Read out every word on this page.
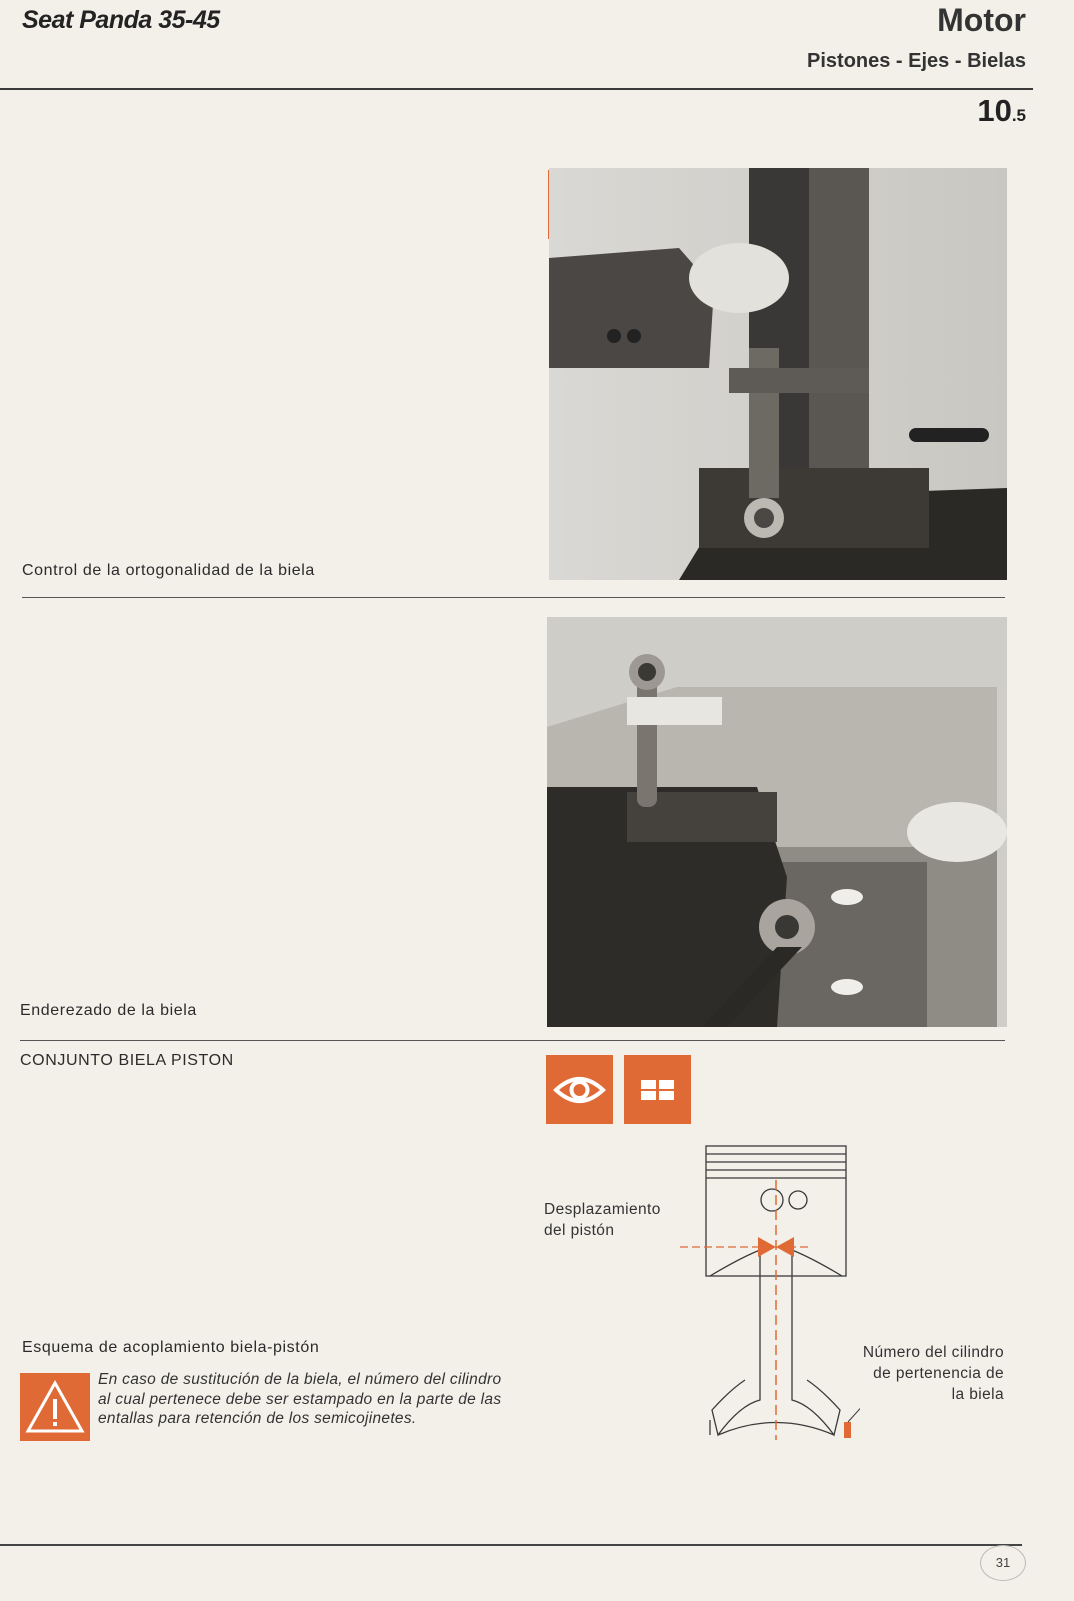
Seat Panda 35-45	Motor
Pistones - Ejes - Bielas
10.5
Control de la ortogonalidad de la biela
Enderezado de la biela
CONJUNTO BIELA PISTON
Desplazamiento
del pistón
Número del cilindro
de pertenencia de
la biela
Esquema de acoplamiento biela-pistón
En caso de sustitución de la biela, el número del cilindro al cual pertenece debe ser estampado en la parte de las entallas para retención de los semicojinetes.
31
